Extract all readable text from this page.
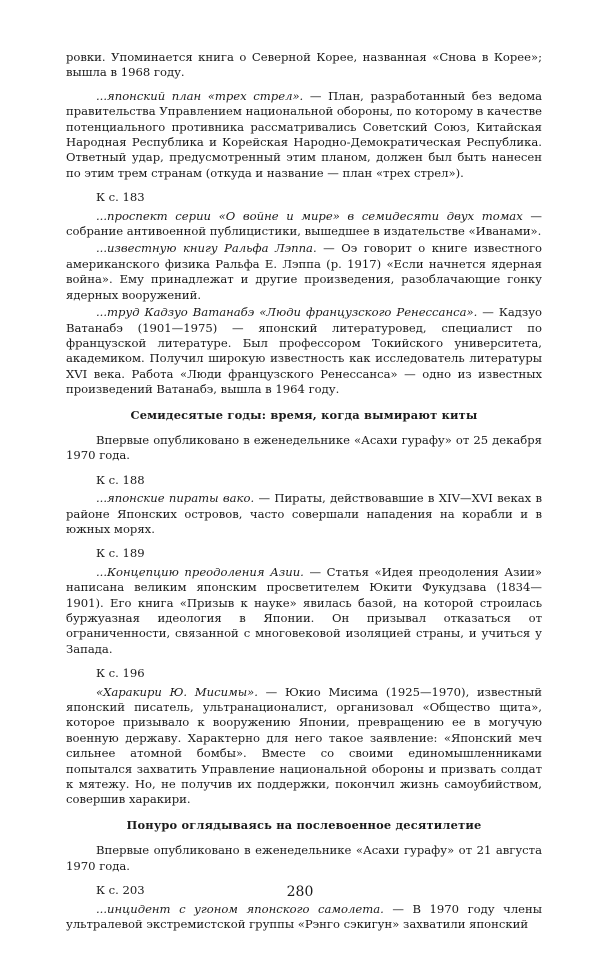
ровки. Упоминается книга о Северной Корее, названная «Снова в Корее»; вышла в 1968 году.

...японский план «трех стрел». — План, разработанный без ведома правительства Управлением национальной обороны, по которому в качестве потенциального противника рассматривались Советский Союз, Китайская Народная Республика и Корейская Народно-Демократическая Республика. Ответный удар, предусмотренный этим планом, должен был быть нанесен по этим трем странам (откуда и название — план «трех стрел»).

К с. 183

...проспект серии «О войне и мире» в семидесяти двух томах — собрание антивоенной публицистики, вышедшее в издательстве «Иванами».

...известную книгу Ральфа Лэппа. — Оэ говорит о книге известного американского физика Ральфа Е. Лэппа (р. 1917) «Если начнется ядерная война». Ему принадлежат и другие произведения, разоблачающие гонку ядерных вооружений.

...труд Кадзуо Ватанабэ «Люди французского Ренессанса». — Кадзуо Ватанабэ (1901—1975) — японский литературовед, специалист по французской литературе. Был профессором Токийского университета, академиком. Получил широкую известность как исследователь литературы XVI века. Работа «Люди французского Ренессанса» — одно из известных произведений Ватанабэ, вышла в 1964 году.

Семидесятые годы: время, когда вымирают киты

Впервые опубликовано в еженедельнике «Асахи гурафу» от 25 декабря 1970 года.

К с. 188

...японские пираты вако. — Пираты, действовавшие в XIV—XVI веках в районе Японских островов, часто совершали нападения на корабли и в южных морях.

К с. 189

...Концепцию преодоления Азии. — Статья «Идея преодоления Азии» написана великим японским просветителем Юкити Фукудзава (1834—1901). Его книга «Призыв к науке» явилась базой, на которой строилась буржуазная идеология в Японии. Он призывал отказаться от ограниченности, связанной с многовековой изоляцией страны, и учиться у Запада.

К с. 196

«Харакири Ю. Мисимы». — Юкио Мисима (1925—1970), известный японский писатель, ультранационалист, организовал «Общество щита», которое призывало к вооружению Японии, превращению ее в могучую военную державу. Характерно для него такое заявление: «Японский меч сильнее атомной бомбы». Вместе со своими единомышленниками попытался захватить Управление национальной обороны и призвать солдат к мятежу. Но, не получив их поддержки, покончил жизнь самоубийством, совершив харакири.

Понуро оглядываясь на послевоенное десятилетие

Впервые опубликовано в еженедельнике «Асахи гурафу» от 21 августа 1970 года.

К с. 203

...инцидент с угоном японского самолета. — В 1970 году члены ультралевой экстремистской группы «Рэнго сэкигун» захватили японский

280
